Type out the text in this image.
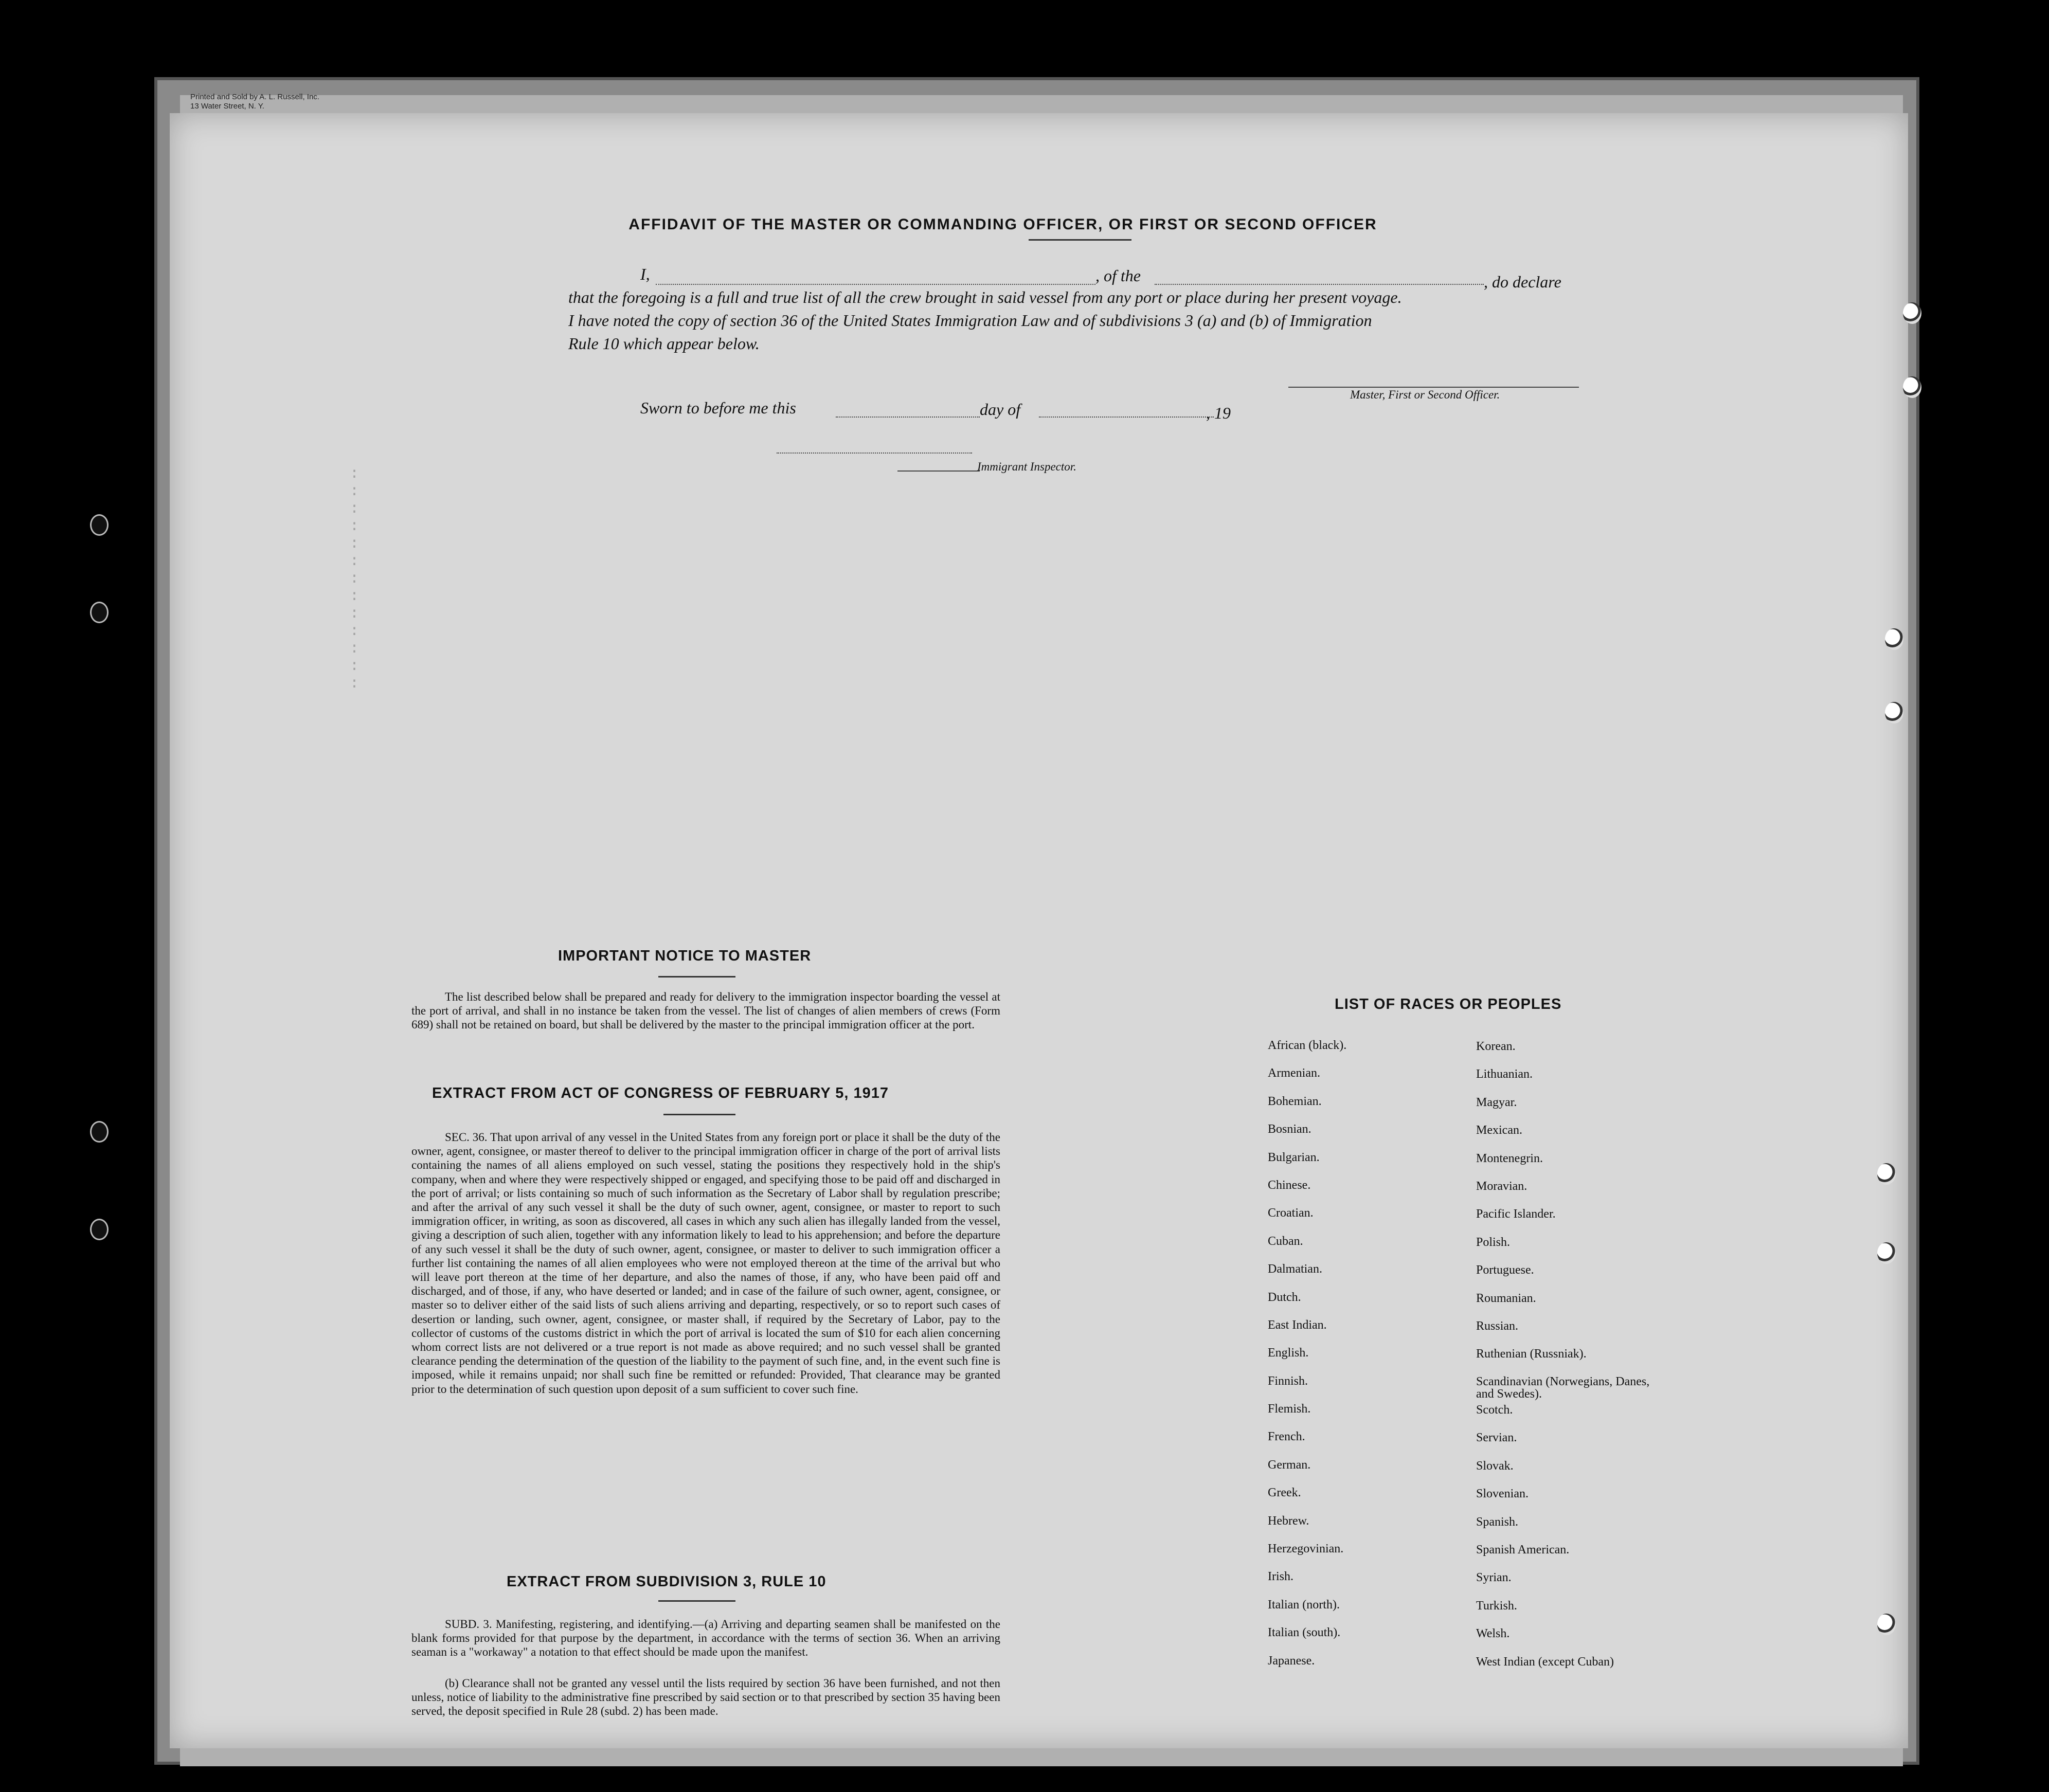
Printed and Sold by A. L. Russell, Inc.
13 Water Street, N. Y.
:
:
:
:
:
:
:
:
:
:
:
:
:
AFFIDAVIT OF THE MASTER OR COMMANDING OFFICER, OR FIRST OR SECOND OFFICER
I,	, of the	, do declare
that the foregoing is a full and true list of all the crew brought in said vessel from any port or place during her present voyage.
I have noted the copy of section 36 of the United States Immigration Law and of subdivisions 3 (a) and (b) of Immigration
Rule 10 which appear below.
Master, First or Second Officer.
Sworn to before me this	day of	, 19
Immigrant Inspector.
IMPORTANT NOTICE TO MASTER
The list described below shall be prepared and ready for delivery to the immigration inspector boarding the vessel at the port of arrival, and shall in no instance be taken from the vessel. The list of changes of alien members of crews (Form 689) shall not be retained on board, but shall be delivered by the master to the principal immigration officer at the port.
EXTRACT FROM ACT OF CONGRESS OF FEBRUARY 5, 1917
SEC. 36. That upon arrival of any vessel in the United States from any foreign port or place it shall be the duty of the owner, agent, consignee, or master thereof to deliver to the principal immigration officer in charge of the port of arrival lists containing the names of all aliens employed on such vessel, stating the positions they respectively hold in the ship's company, when and where they were respectively shipped or engaged, and specifying those to be paid off and discharged in the port of arrival; or lists containing so much of such information as the Secretary of Labor shall by regulation prescribe; and after the arrival of any such vessel it shall be the duty of such owner, agent, consignee, or master to report to such immigration officer, in writing, as soon as discovered, all cases in which any such alien has illegally landed from the vessel, giving a description of such alien, together with any information likely to lead to his apprehension; and before the departure of any such vessel it shall be the duty of such owner, agent, consignee, or master to deliver to such immigration officer a further list containing the names of all alien employees who were not employed thereon at the time of the arrival but who will leave port thereon at the time of her departure, and also the names of those, if any, who have been paid off and discharged, and of those, if any, who have deserted or landed; and in case of the failure of such owner, agent, consignee, or master so to deliver either of the said lists of such aliens arriving and departing, respectively, or so to report such cases of desertion or landing, such owner, agent, consignee, or master shall, if required by the Secretary of Labor, pay to the collector of customs of the customs district in which the port of arrival is located the sum of $10 for each alien concerning whom correct lists are not delivered or a true report is not made as above required; and no such vessel shall be granted clearance pending the determination of the question of the liability to the payment of such fine, and, in the event such fine is imposed, while it remains unpaid; nor shall such fine be remitted or refunded: Provided, That clearance may be granted prior to the determination of such question upon deposit of a sum sufficient to cover such fine.
EXTRACT FROM SUBDIVISION 3, RULE 10
SUBD. 3. Manifesting, registering, and identifying.—(a) Arriving and departing seamen shall be manifested on the blank forms provided for that purpose by the department, in accordance with the terms of section 36. When an arriving seaman is a "workaway" a notation to that effect should be made upon the manifest.
(b) Clearance shall not be granted any vessel until the lists required by section 36 have been furnished, and not then unless, notice of liability to the administrative fine prescribed by said section or to that prescribed by section 35 having been served, the deposit specified in Rule 28 (subd. 2) has been made.
LIST OF RACES OR PEOPLES
African (black).
Armenian.
Bohemian.
Bosnian.
Bulgarian.
Chinese.
Croatian.
Cuban.
Dalmatian.
Dutch.
East Indian.
English.
Finnish.
Flemish.
French.
German.
Greek.
Hebrew.
Herzegovinian.
Irish.
Italian (north).
Italian (south).
Japanese.
Korean.
Lithuanian.
Magyar.
Mexican.
Montenegrin.
Moravian.
Pacific Islander.
Polish.
Portuguese.
Roumanian.
Russian.
Ruthenian (Russniak).
Scandinavian (Norwegians, Danes, and Swedes).
Scotch.
Servian.
Slovak.
Slovenian.
Spanish.
Spanish American.
Syrian.
Turkish.
Welsh.
West Indian (except Cuban)
